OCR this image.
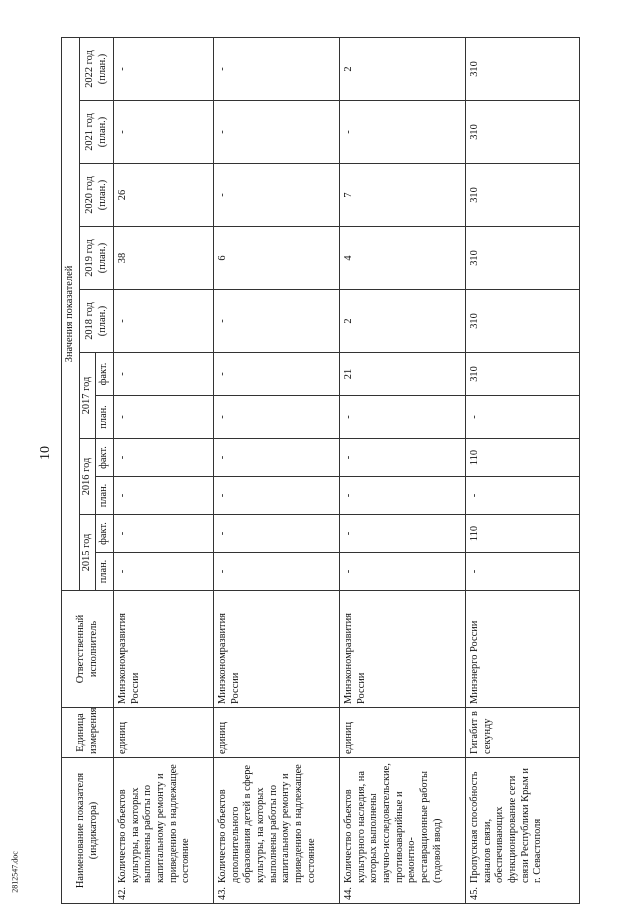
10
2812547.doc	Наименование показателя (индикатора)	Единица измерения	Ответственный исполнитель	Значения показателей										
			2015 год		2016 год		2017 год		2018 год (план.)	2019 год (план.)	2020 год (план.)	2021 год (план.)	2022 год (план.)
			план.	факт.	план.	факт.	план.	факт.					

42.
Количество объектов культуры, на которых выполнены работы по капитальному ремонту и приведению в надлежащее состояние	единиц	Минэкономразвития России	-	-	-	-	-	-	-	38	26	-	-

43.
Количество объектов дополнительного образования детей в сфере культуры, на которых выполнены работы по капитальному ремонту и приведению в надлежащее состояние	единиц	Минэкономразвития России	-	-	-	-	-	-	-	6	-	-	-

44.
Количество объектов культурного наследия, на которых выполнены научно-исследовательские, противоаварийные и ремонтно-реставрационные работы (годовой ввод)	единиц	Минэкономразвития России	-	-	-	-	-	21	2	4	7	-	2

45.
Пропускная способность каналов связи, обеспечивающих функционирование сети связи Республики Крым и г. Севастополя	Гигабит в секунду	Минэнерго России	-	110	-	110	-	310	310	310	310	310	310
